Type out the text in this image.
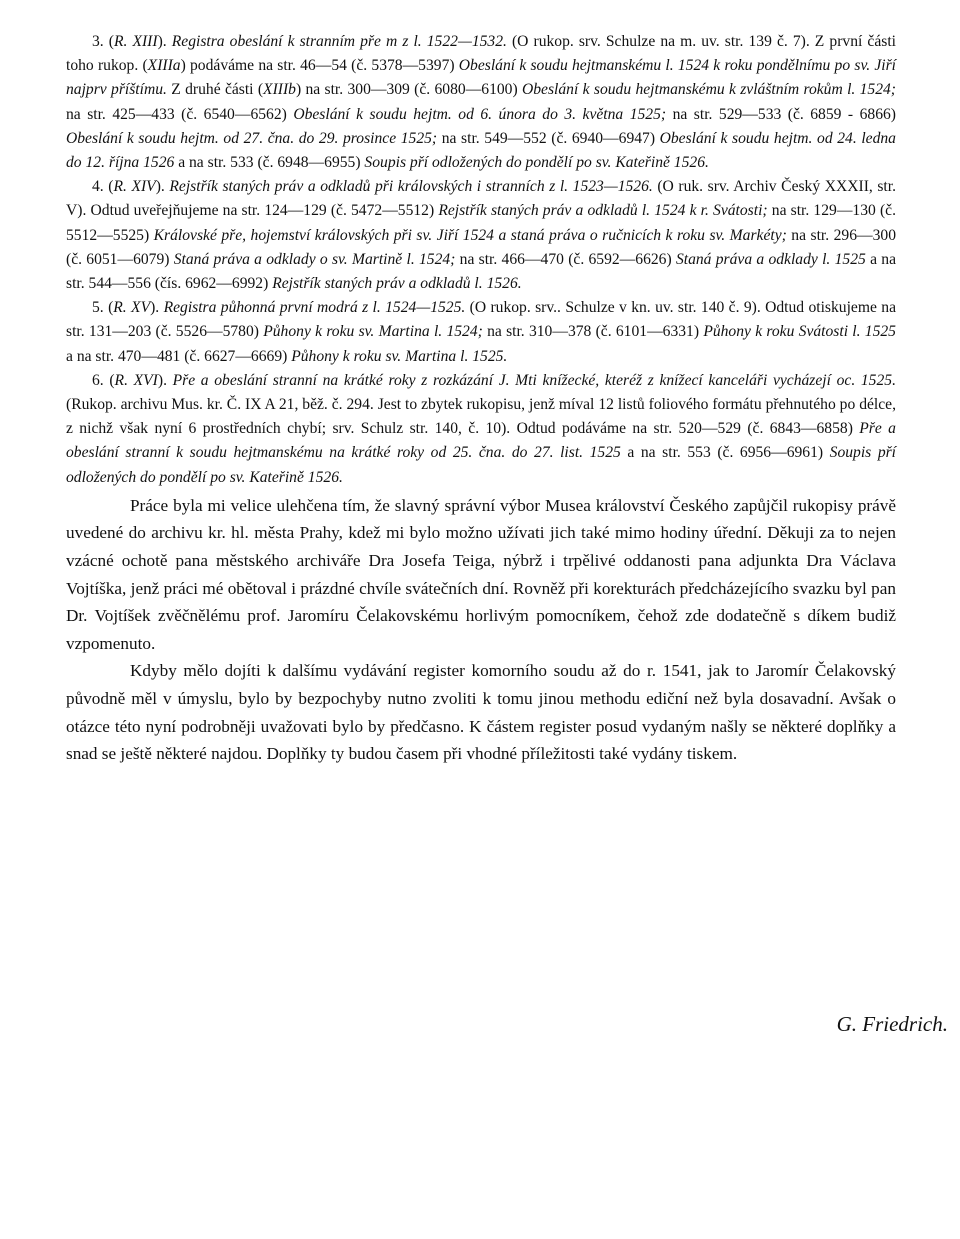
3. (R. XIII). Registra obeslání k stranním pře m z l. 1522—1532. (O rukop. srv. Schulze na m. uv. str. 139 č. 7). Z první části toho rukop. (XIIIa) podáváme na str. 46—54 (č. 5378—5397) Obeslání k soudu hejtmanskému l. 1524 k roku pondělnímu po sv. Jiří najprv příštímu. Z druhé části (XIIIb) na str. 300—309 (č. 6080—6100) Obeslání k soudu hejtmanskému k zvláštním rokům l. 1524; na str. 425—433 (č. 6540—6562) Obeslání k soudu hejtm. od 6. února do 3. května 1525; na str. 529—533 (č. 6859 - 6866) Obeslání k soudu hejtm. od 27. čna. do 29. prosince 1525; na str. 549—552 (č. 6940—6947) Obeslání k soudu hejtm. od 24. ledna do 12. října 1526 a na str. 533 (č. 6948—6955) Soupis pří odložených do pondělí po sv. Kateřině 1526.

4. (R. XIV). Rejstřík staných práv a odkladů při královských i stranních z l. 1523—1526. (O ruk. srv. Archiv Český XXXII, str. V). Odtud uveřejňujeme na str. 124—129 (č. 5472—5512) Rejstřík staných práv a odkladů l. 1524 k r. Svátosti; na str. 129—130 (č. 5512—5525) Královské pře, hojemství královských při sv. Jiří 1524 a staná práva o ručnicích k roku sv. Markéty; na str. 296—300 (č. 6051—6079) Staná práva a odklady o sv. Martině l. 1524; na str. 466—470 (č. 6592—6626) Staná práva a odklady l. 1525 a na str. 544—556 (čís. 6962—6992) Rejstřík staných práv a odkladů l. 1526.

5. (R. XV). Registra půhonná první modrá z l. 1524—1525. (O rukop. srv.. Schulze v kn. uv. str. 140 č. 9). Odtud otiskujeme na str. 131—203 (č. 5526—5780) Půhony k roku sv. Martina l. 1524; na str. 310—378 (č. 6101—6331) Půhony k roku Svátosti l. 1525 a na str. 470—481 (č. 6627—6669) Půhony k roku sv. Martina l. 1525.

6. (R. XVI). Pře a obeslání stranní na krátké roky z rozkázání J. Mti knížecké, kteréž z knížecí kanceláři vycházejí oc. 1525. (Rukop. archivu Mus. kr. Č. IX A 21, běž. č. 294. Jest to zbytek rukopisu, jenž míval 12 listů foliového formátu přehnutého po délce, z nichž však nyní 6 prostředních chybí; srv. Schulz str. 140, č. 10). Odtud podáváme na str. 520—529 (č. 6843—6858) Pře a obeslání stranní k soudu hejtmanskému na krátké roky od 25. čna. do 27. list. 1525 a na str. 553 (č. 6956—6961) Soupis pří odložených do pondělí po sv. Kateřině 1526.

Práce byla mi velice ulehčena tím, že slavný správní výbor Musea království Českého zapůjčil rukopisy právě uvedené do archivu kr. hl. města Prahy, kdež mi bylo možno užívati jich také mimo hodiny úřední. Děkuji za to nejen vzácné ochotě pana městského archiváře Dra Josefa Teiga, nýbrž i trpělivé oddanosti pana adjunkta Dra Václava Vojtíška, jenž práci mé obětoval i prázdné chvíle svátečních dní. Rovněž při korekturách předcházejícího svazku byl pan Dr. Vojtíšek zvěčnělému prof. Jaromíru Čelakovskému horlivým pomocníkem, čehož zde dodatečně s díkem budiž vzpomenuto.

Kdyby mělo dojíti k dalšímu vydávání register komorního soudu až do r. 1541, jak to Jaromír Čelakovský původně měl v úmyslu, bylo by bezpochyby nutno zvoliti k tomu jinou methodu ediční než byla dosavadní. Avšak o otázce této nyní podrobněji uvažovati bylo by předčasno. K částem register posud vydaným našly se některé doplňky a snad se ještě některé najdou. Doplňky ty budou časem při vhodné příležitosti také vydány tiskem.

G. Friedrich.
